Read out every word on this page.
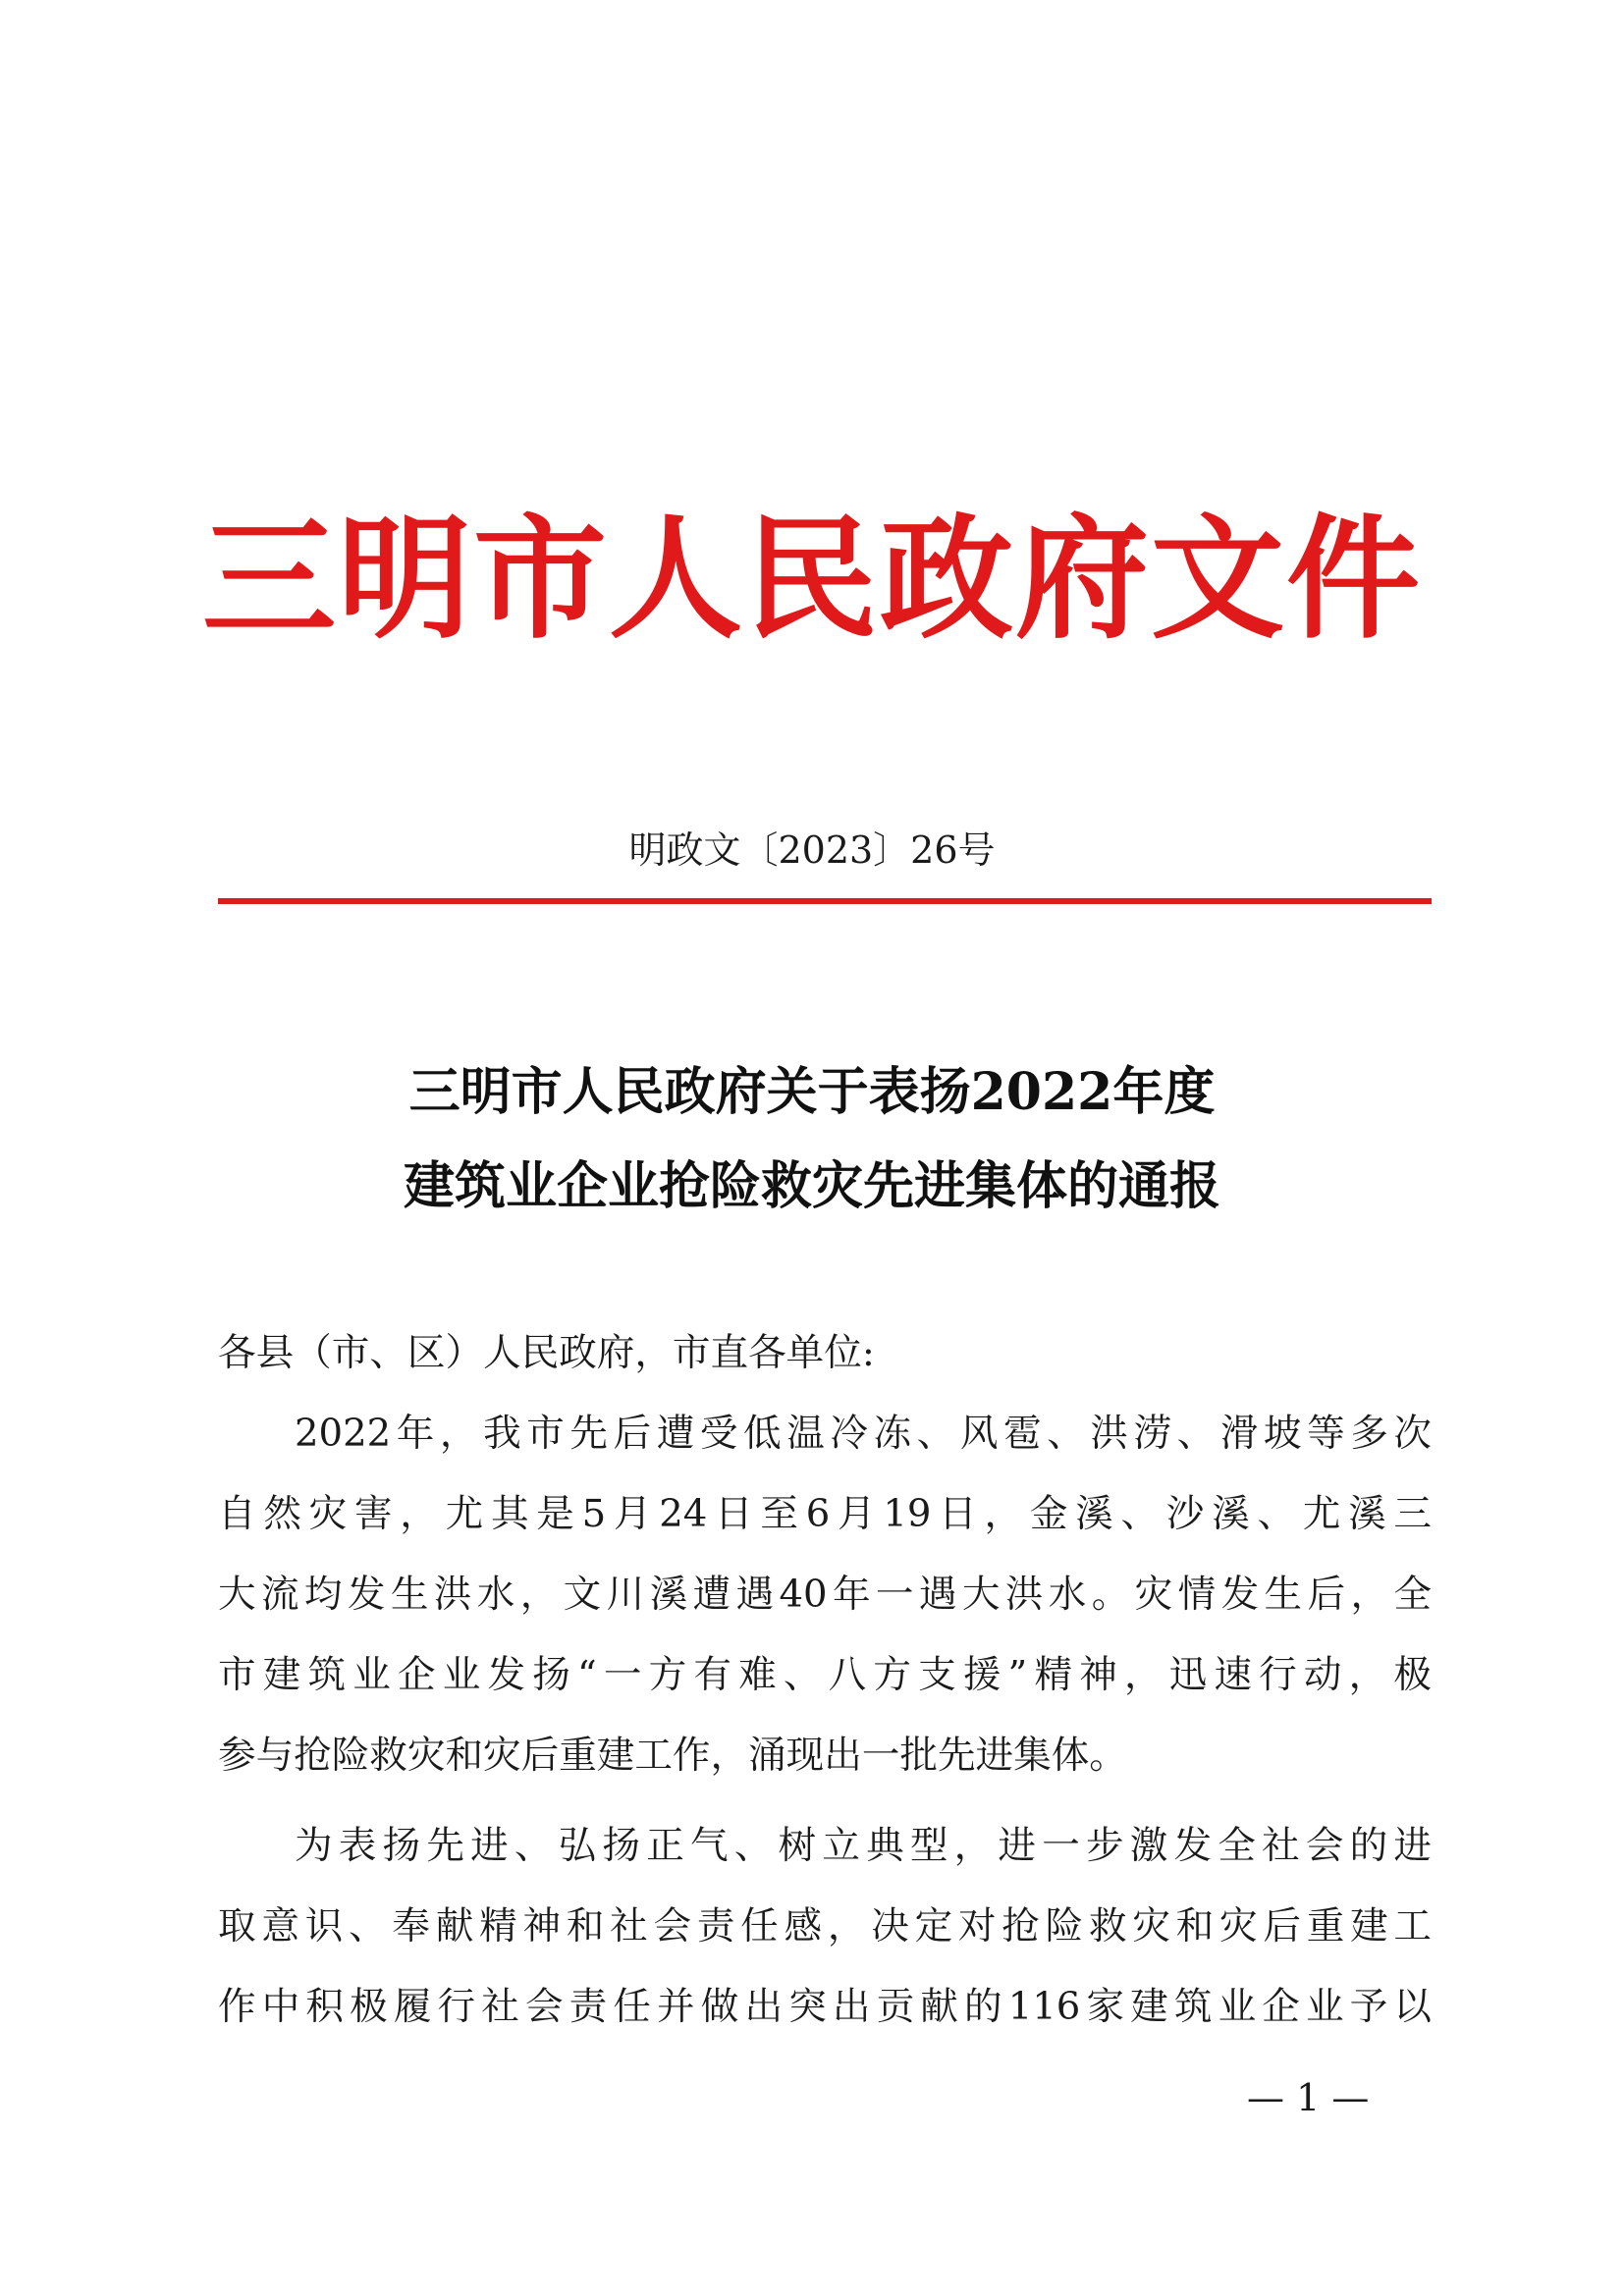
三明市人民政府文件
明政文〔2023〕26号
三明市人民政府关于表扬2022年度
建筑业企业抢险救灾先进集体的通报
各县（市、区）人民政府，市直各单位:
2022年，我市先后遭受低温冷冻、风雹、洪涝、滑坡等多次
自然灾害，尤其是5月24日至6月19日，金溪、沙溪、尤溪三
大流均发生洪水，文川溪遭遇40年一遇大洪水。灾情发生后，全
市建筑业企业发扬“一方有难、八方支援”精神，迅速行动，极
参与抢险救灾和灾后重建工作，涌现出一批先进集体。
为表扬先进、弘扬正气、树立典型，进一步激发全社会的进
取意识、奉献精神和社会责任感，决定对抢险救灾和灾后重建工
作中积极履行社会责任并做出突出贡献的116家建筑业企业予以
— 1 —
